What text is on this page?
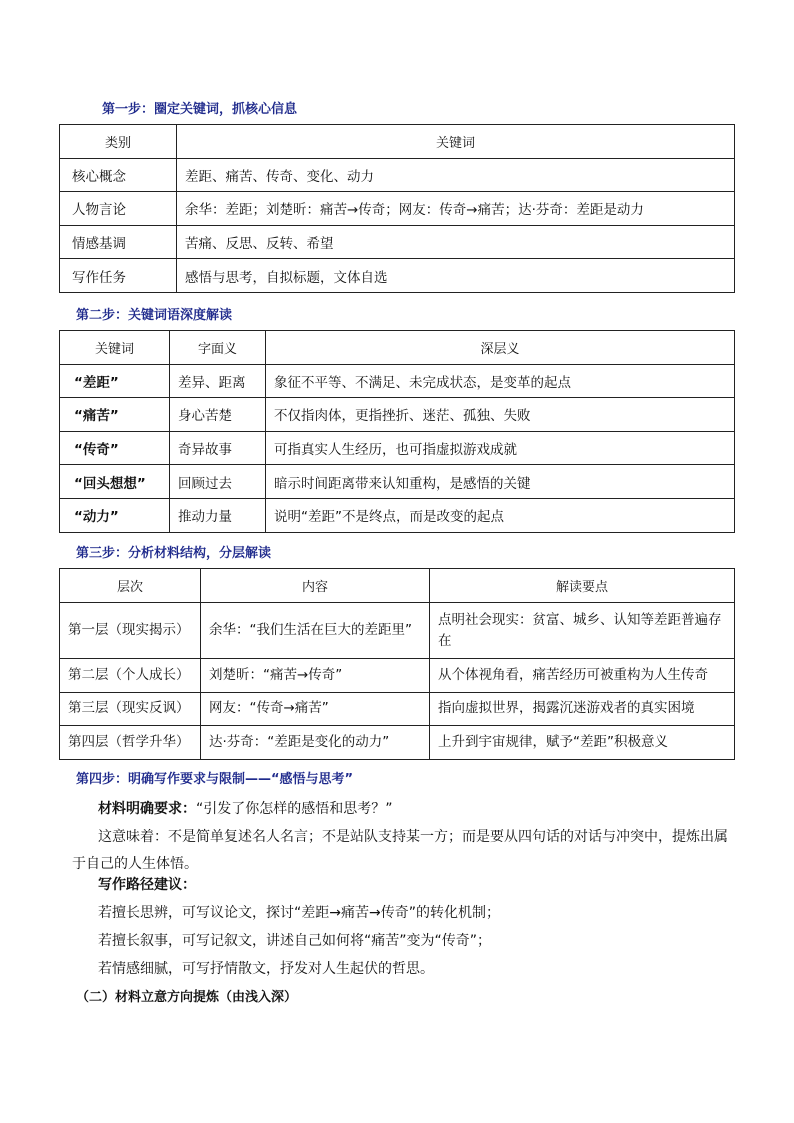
第一步：圈定关键词，抓核心信息
类别	关键词
核心概念	差距、痛苦、传奇、变化、动力
人物言论	余华：差距；刘楚昕：痛苦→传奇；网友：传奇→痛苦；达·芬奇：差距是动力
情感基调	苦痛、反思、反转、希望
写作任务	感悟与思考，自拟标题，文体自选
第二步：关键词语深度解读
关键词	字面义	深层义
“差距”	差异、距离	象征不平等、不满足、未完成状态，是变革的起点
“痛苦”	身心苦楚	不仅指肉体，更指挫折、迷茫、孤独、失败
“传奇”	奇异故事	可指真实人生经历，也可指虚拟游戏成就
“回头想想”	回顾过去	暗示时间距离带来认知重构，是感悟的关键
“动力”	推动力量	说明“差距”不是终点，而是改变的起点
第三步：分析材料结构，分层解读
层次	内容	解读要点
第一层（现实揭示）	余华：“我们生活在巨大的差距里”	点明社会现实：贫富、城乡、认知等差距普遍存在
第二层（个人成长）	刘楚昕：“痛苦→传奇”	从个体视角看，痛苦经历可被重构为人生传奇
第三层（现实反讽）	网友：“传奇→痛苦”	指向虚拟世界，揭露沉迷游戏者的真实困境
第四层（哲学升华）	达·芬奇：“差距是变化的动力”	上升到宇宙规律，赋予“差距”积极意义
第四步：明确写作要求与限制——“感悟与思考”
材料明确要求：“引发了你怎样的感悟和思考？”
这意味着：不是简单复述名人名言；不是站队支持某一方；而是要从四句话的对话与冲突中，提炼出属于自己的人生体悟。
写作路径建议：
若擅长思辨，可写议论文，探讨“差距→痛苦→传奇”的转化机制；
若擅长叙事，可写记叙文，讲述自己如何将“痛苦”变为“传奇”；
若情感细腻，可写抒情散文，抒发对人生起伏的哲思。
（二）材料立意方向提炼（由浅入深）
